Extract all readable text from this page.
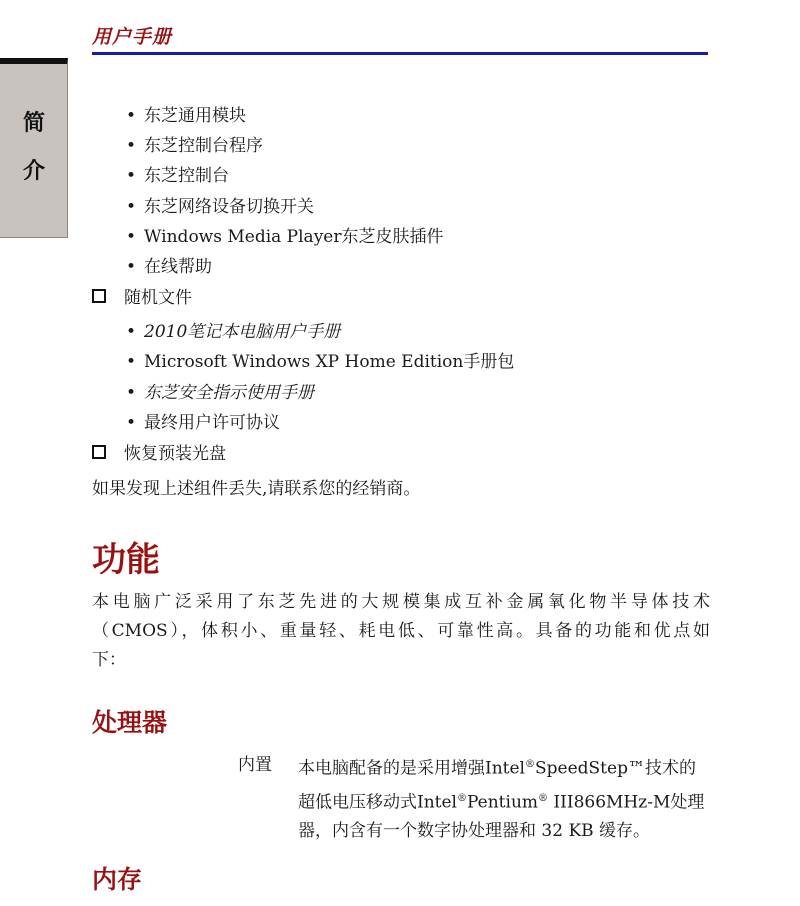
用户手册
简
介
• 东芝通用模块
• 东芝控制台程序
• 东芝控制台
• 东芝网络设备切换开关
• Windows Media Player东芝皮肤插件
• 在线帮助
随机文件
• 2010笔记本电脑用户手册
• Microsoft Windows XP Home Edition手册包
• 东芝安全指示使用手册
• 最终用户许可协议
恢复预装光盘
如果发现上述组件丢失,请联系您的经销商。
功能
本电脑广泛采用了东芝先进的大规模集成互补金属氧化物半导体技术
（CMOS），体积小、重量轻、耗电低、可靠性高。具备的功能和优点如
下：
处理器
内置 本电脑配备的是采用增强Intel®SpeedStep™技术的
超低电压移动式Intel®Pentium® III866MHz-M处理
器，内含有一个数字协处理器和 32 KB 缓存。
内存
